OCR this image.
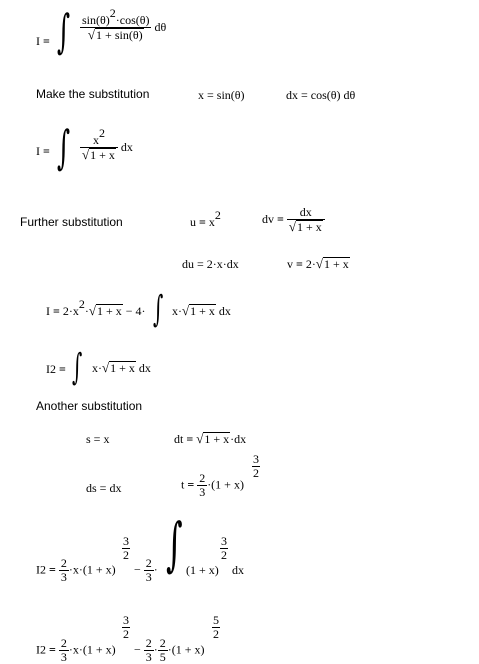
I = ∫ $\frac{\sin(\theta)^2\cdot\cos(\theta)}{√1 + \sin(\theta)}$ dθ
Make the substitution	x = sin(θ)	dx = cos(θ) dθ
I = ∫ $\frac{x^2}{√1 + x}$ dx
Further substitution	$u = x^2$	dv = $\frac{dx}{√1 + x}$
du = 2·x·dx	v = 2·√1 + x
$I = 2\cdot x^2\cdot√1 + x - 4\cdot$ ∫ x·√1 + x dx
I2 = ∫ x·√1 + x dx
Another substitution
s = x	dt = √1 + x·dx
ds = dx	$t = \frac{2}{3} \cdot(1 + x)$
3
2
$I2 = \frac{2}{3} \cdot x\cdot(1 + x)$
3
2
− $\frac{2}{3}$ · ∫ (1 + x)
3
2
dx
$I2 = \frac{2}{3} \cdot x\cdot(1 + x)$
3
2
− $\frac{2}{3} \cdot \frac{2}{5} \cdot(1 + x)$
5
2
